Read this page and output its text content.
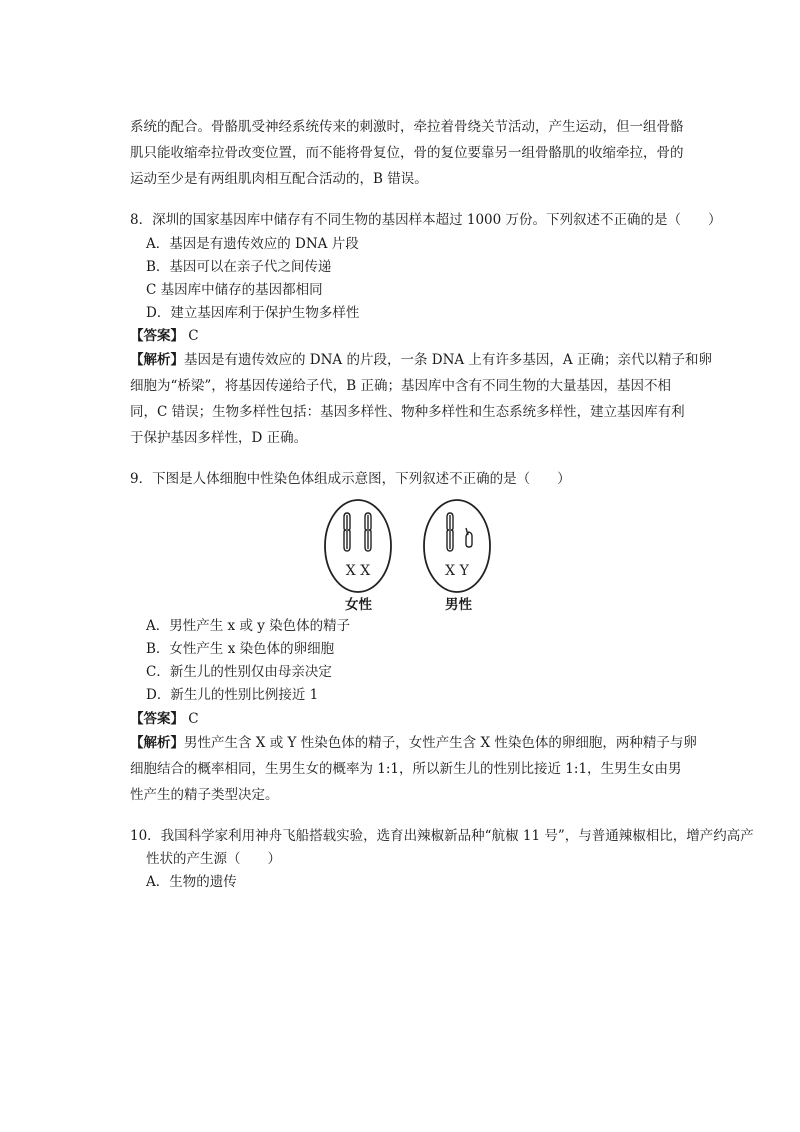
系统的配合。骨骼肌受神经系统传来的刺激时，牵拉着骨绕关节活动，产生运动，但一组骨骼
肌只能收缩牵拉骨改变位置，而不能将骨复位，骨的复位要靠另一组骨骼肌的收缩牵拉，骨的
运动至少是有两组肌肉相互配合活动的，B 错误。
8．深圳的国家基因库中储存有不同生物的基因样本超过 1000 万份。下列叙述不正确的是（　　）
A．基因是有遗传效应的 DNA 片段
B．基因可以在亲子代之间传递
C 基因库中储存的基因都相同
D．建立基因库利于保护生物多样性
【答案】 C
【解析】基因是有遗传效应的 DNA 的片段，一条 DNA 上有许多基因，A 正确；亲代以精子和卵
细胞为“桥梁”，将基因传递给子代，B 正确；基因库中含有不同生物的大量基因，基因不相
同，C 错误；生物多样性包括：基因多样性、物种多样性和生态系统多样性，建立基因库有利
于保护基因多样性，D 正确。
9．下图是人体细胞中性染色体组成示意图，下列叙述不正确的是（　　）
X X	X Y
女性	男性
A．男性产生 x 或 y 染色体的精子
B．女性产生 x 染色体的卵细胞
C．新生儿的性别仅由母亲决定
D．新生儿的性别比例接近 1
【答案】 C
【解析】男性产生含 X 或 Y 性染色体的精子，女性产生含 X 性染色体的卵细胞，两种精子与卵
细胞结合的概率相同，生男生女的概率为 1:1，所以新生儿的性别比接近 1:1，生男生女由男
性产生的精子类型决定。
10．我国科学家利用神舟飞船搭载实验，选育出辣椒新品种“航椒 11 号”，与普通辣椒相比，增产约高产
性状的产生源（　　）
A．生物的遗传
